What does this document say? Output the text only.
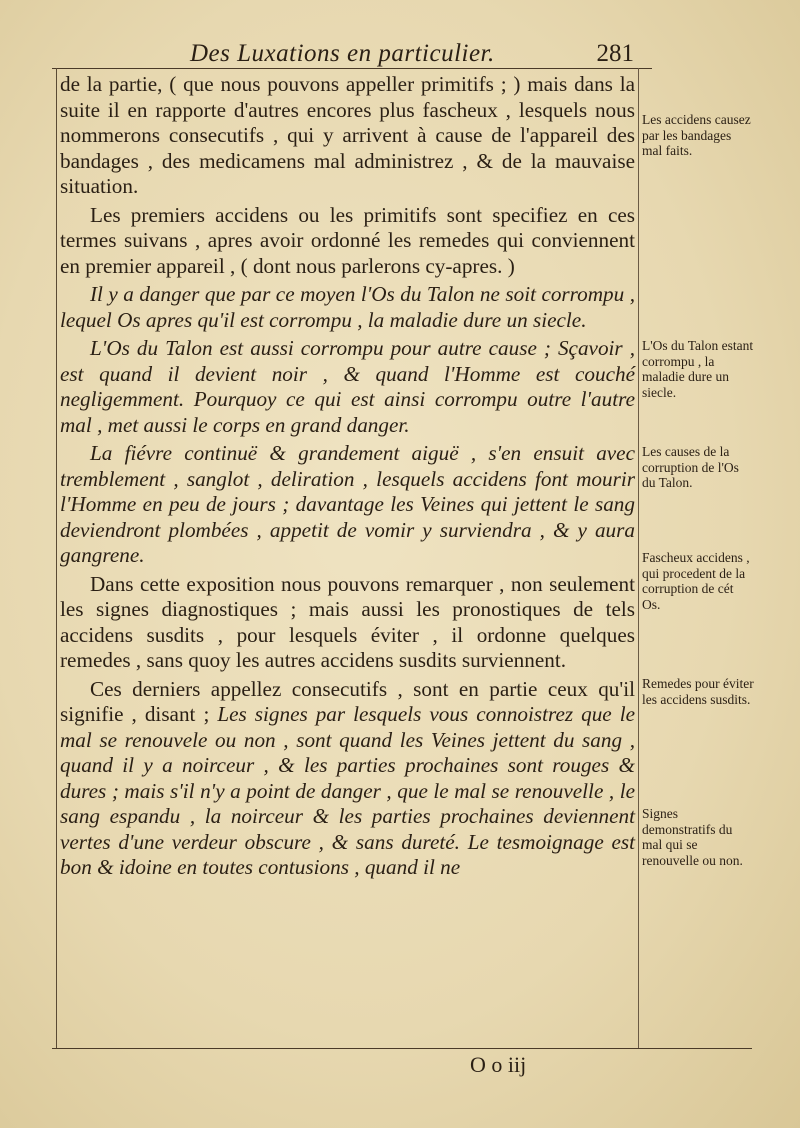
Des Luxations en particulier.	281

de la partie, ( que nous pouvons appeller primitifs ; ) mais dans la suite il en rapporte d'autres encores plus fascheux , lesquels nous nommerons consecutifs , qui y arrivent à cause de l'appareil des bandages , des medicamens mal administrez , & de la mauvaise situation.

Les premiers accidens ou les primitifs sont specifiez en ces termes suivans , apres avoir ordonné les remedes qui conviennent en premier appareil , ( dont nous parlerons cy-apres. )

Il y a danger que par ce moyen l'Os du Talon ne soit corrompu , lequel Os apres qu'il est corrompu , la maladie dure un siecle.

L'Os du Talon est aussi corrompu pour autre cause ; Sçavoir , est quand il devient noir , & quand l'Homme est couché negligemment. Pourquoy ce qui est ainsi corrompu outre l'autre mal , met aussi le corps en grand danger.

La fiévre continuë & grandement aiguë , s'en ensuit avec tremblement , sanglot , deliration , lesquels accidens font mourir l'Homme en peu de jours ; davantage les Veines qui jettent le sang deviendront plombées , appetit de vomir y surviendra , & y aura gangrene.

Dans cette exposition nous pouvons remarquer , non seulement les signes diagnostiques ; mais aussi les pronostiques de tels accidens susdits , pour lesquels éviter , il ordonne quelques remedes , sans quoy les autres accidens susdits surviennent.

Ces derniers appellez consecutifs , sont en partie ceux qu'il signifie , disant ; Les signes par lesquels vous connoistrez que le mal se renouvele ou non , sont quand les Veines jettent du sang , quand il y a noirceur , & les parties prochaines sont rouges & dures ; mais s'il n'y a point de danger , que le mal se renouvelle , le sang espandu , la noirceur & les parties prochaines deviennent vertes d'une verdeur obscure , & sans dureté. Le tesmoignage est bon & idoine en toutes contusions , quand il ne

Les accidens causez par les bandages mal faits.
L'Os du Talon estant corrompu , la maladie dure un siecle.
Les causes de la corruption de l'Os du Talon.
Fascheux accidens , qui procedent de la corruption de cét Os.
Remedes pour éviter les accidens susdits.
Signes demonstratifs du mal qui se renouvelle ou non.
O o iij
